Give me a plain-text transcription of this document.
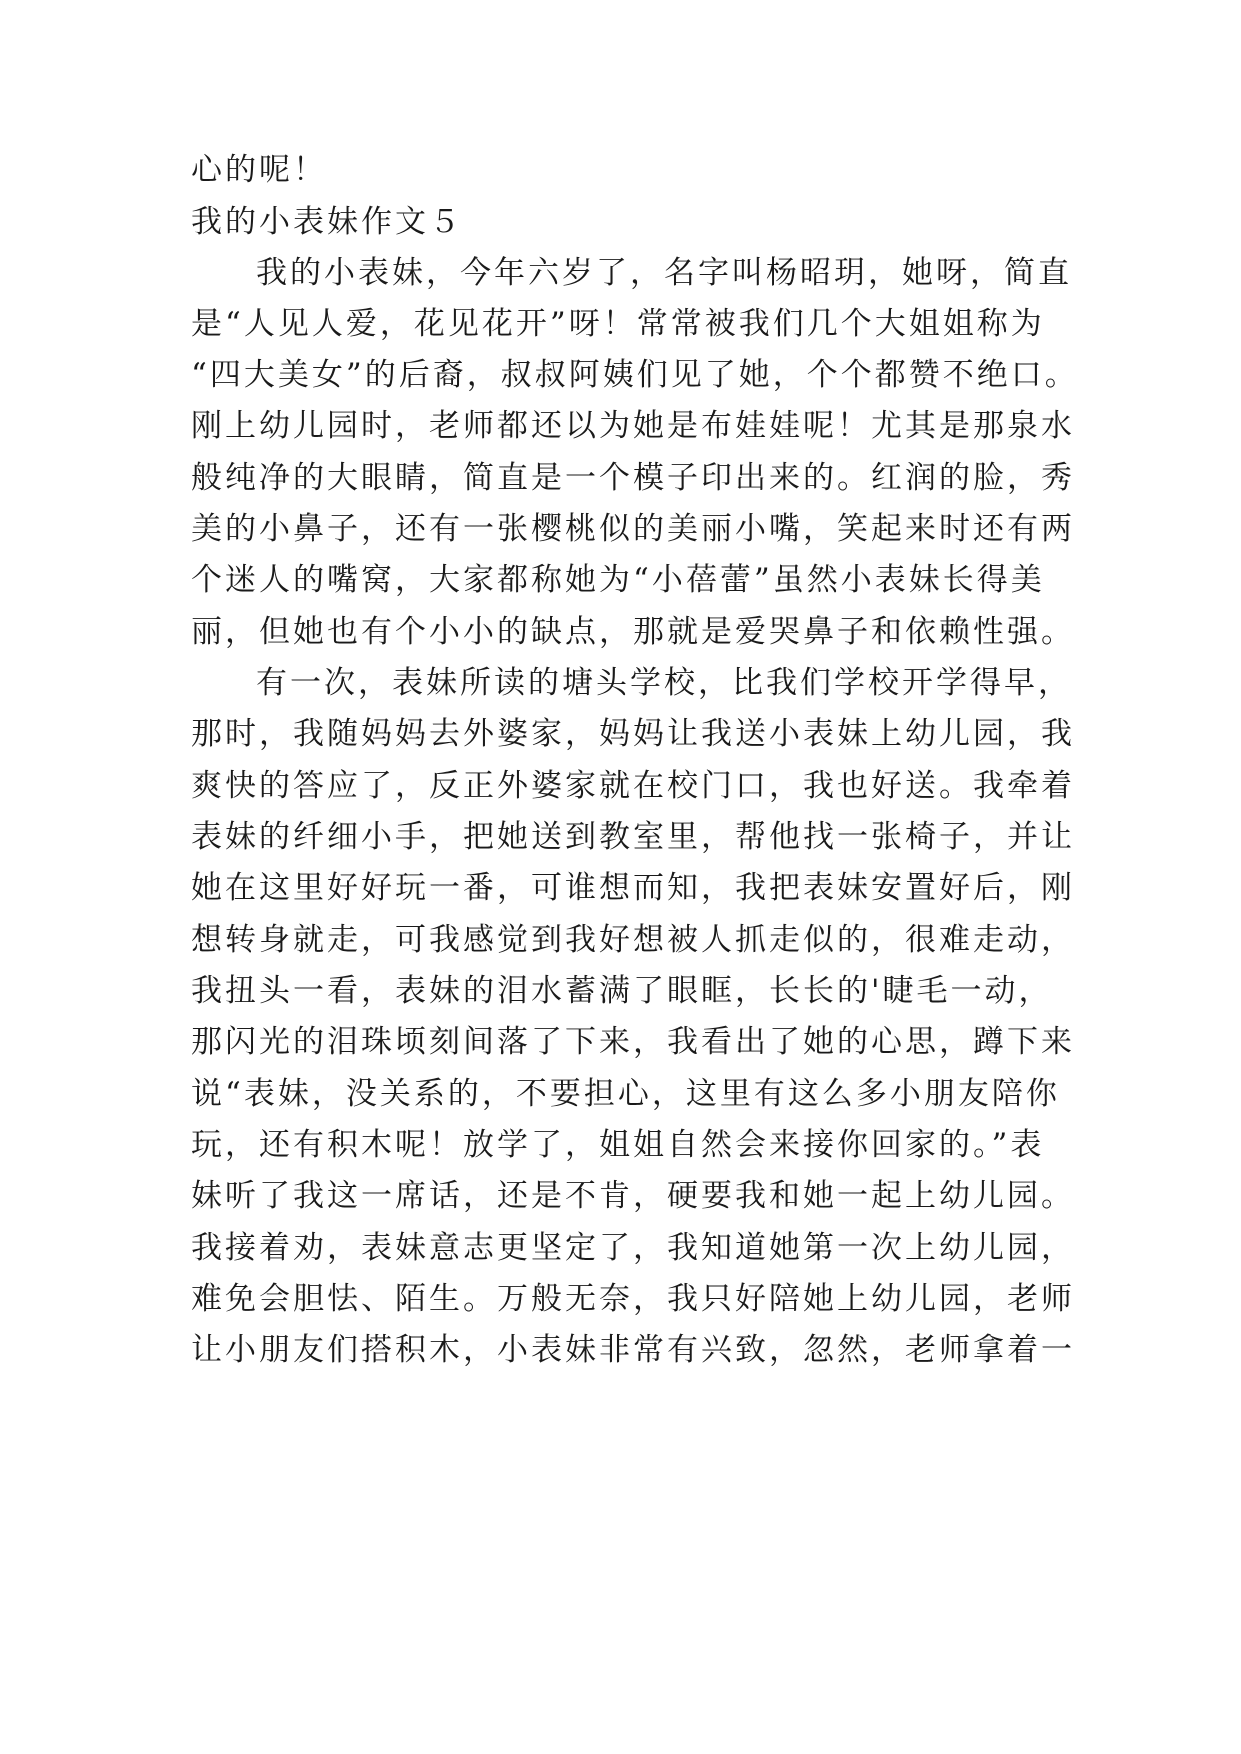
心的呢！
我的小表妹作文５
我的小表妹，今年六岁了，名字叫杨昭玥，她呀，简直
是“人见人爱，花见花开”呀！常常被我们几个大姐姐称为
“四大美女”的后裔，叔叔阿姨们见了她，个个都赞不绝口。
刚上幼儿园时，老师都还以为她是布娃娃呢！尤其是那泉水
般纯净的大眼睛，简直是一个模子印出来的。红润的脸，秀
美的小鼻子，还有一张樱桃似的美丽小嘴，笑起来时还有两
个迷人的嘴窝，大家都称她为“小蓓蕾”虽然小表妹长得美
丽，但她也有个小小的缺点，那就是爱哭鼻子和依赖性强。
有一次，表妹所读的塘头学校，比我们学校开学得早，
那时，我随妈妈去外婆家，妈妈让我送小表妹上幼儿园，我
爽快的答应了，反正外婆家就在校门口，我也好送。我牵着
表妹的纤细小手，把她送到教室里，帮他找一张椅子，并让
她在这里好好玩一番，可谁想而知，我把表妹安置好后，刚
想转身就走，可我感觉到我好想被人抓走似的，很难走动，
我扭头一看，表妹的泪水蓄满了眼眶，长长的'睫毛一动，
那闪光的泪珠顷刻间落了下来，我看出了她的心思，蹲下来
说“表妹，没关系的，不要担心，这里有这么多小朋友陪你
玩，还有积木呢！放学了，姐姐自然会来接你回家的。”表
妹听了我这一席话，还是不肯，硬要我和她一起上幼儿园。
我接着劝，表妹意志更坚定了，我知道她第一次上幼儿园，
难免会胆怯、陌生。万般无奈，我只好陪她上幼儿园，老师
让小朋友们搭积木，小表妹非常有兴致，忽然，老师拿着一
